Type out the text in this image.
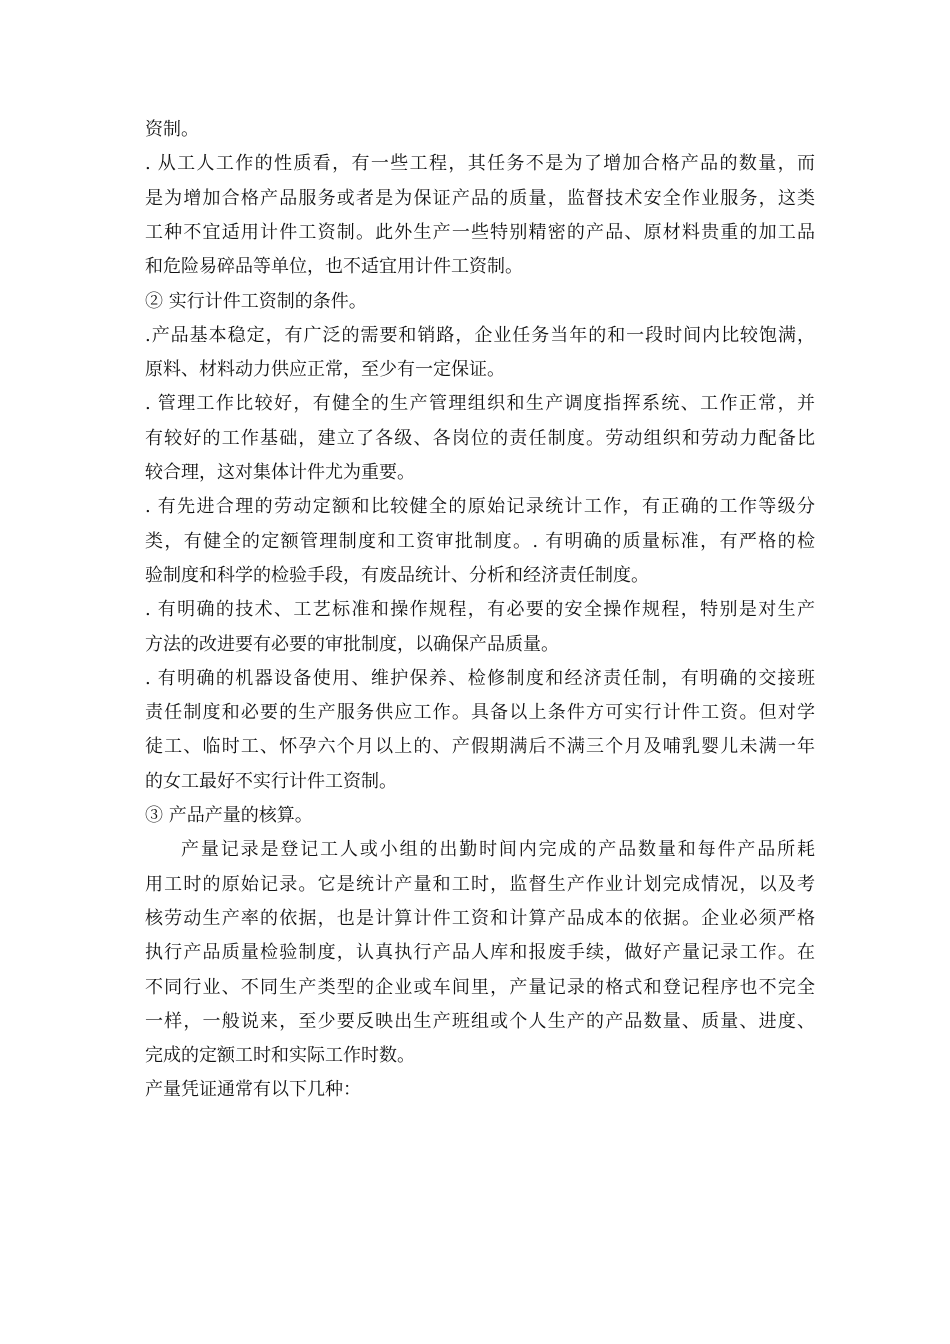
资制。
. 从工人工作的性质看，有一些工程，其任务不是为了增加合格产品的数量，而
是为增加合格产品服务或者是为保证产品的质量，监督技术安全作业服务，这类
工种不宜适用计件工资制。此外生产一些特别精密的产品、原材料贵重的加工品
和危险易碎品等单位，也不适宜用计件工资制。
② 实行计件工资制的条件。
.产品基本稳定，有广泛的需要和销路，企业任务当年的和一段时间内比较饱满，
原料、材料动力供应正常，至少有一定保证。
. 管理工作比较好，有健全的生产管理组织和生产调度指挥系统、工作正常，并
有较好的工作基础，建立了各级、各岗位的责任制度。劳动组织和劳动力配备比
较合理，这对集体计件尤为重要。
. 有先进合理的劳动定额和比较健全的原始记录统计工作，有正确的工作等级分
类，有健全的定额管理制度和工资审批制度。. 有明确的质量标准，有严格的检
验制度和科学的检验手段，有废品统计、分析和经济责任制度。
. 有明确的技术、工艺标准和操作规程，有必要的安全操作规程，特别是对生产
方法的改进要有必要的审批制度，以确保产品质量。
. 有明确的机器设备使用、维护保养、检修制度和经济责任制，有明确的交接班
责任制度和必要的生产服务供应工作。具备以上条件方可实行计件工资。但对学
徒工、临时工、怀孕六个月以上的、产假期满后不满三个月及哺乳婴儿未满一年
的女工最好不实行计件工资制。
③ 产品产量的核算。
产量记录是登记工人或小组的出勤时间内完成的产品数量和每件产品所耗
用工时的原始记录。它是统计产量和工时，监督生产作业计划完成情况，以及考
核劳动生产率的依据，也是计算计件工资和计算产品成本的依据。企业必须严格
执行产品质量检验制度，认真执行产品人库和报废手续，做好产量记录工作。在
不同行业、不同生产类型的企业或车间里，产量记录的格式和登记程序也不完全
一样，一般说来，至少要反映出生产班组或个人生产的产品数量、质量、进度、
完成的定额工时和实际工作时数。
产量凭证通常有以下几种：
